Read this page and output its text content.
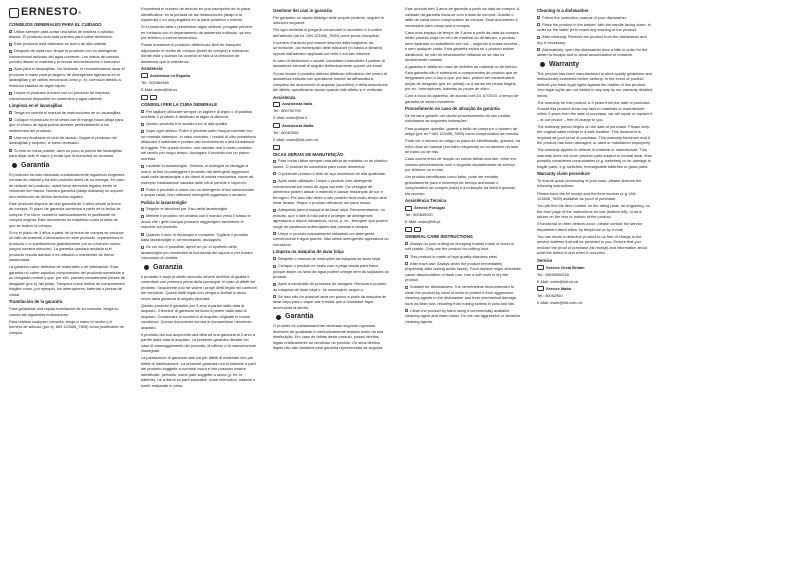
ERNESTO ®
CONSEJOS GENERALES PARA EL CUIDADO

Utilice siempre para cortar una tabla de madera o plástico blando. El producto solo está previsto para cortar alimentos.

Este producto está fabricado en acero de alta calidad.

Después de cada uso: limpie el producto con un detergente convencional delicado del agua corriente. Los restos de comida pueden atacar el material y provocar decoloraciones o corrosión.

Apto para el lavavajillas. No obstante, le recomendamos lavar el producto a mano para protegerlo de detergentes agresivos en el lavavajillas y de daños mecánicos como p. ej. corrosión debido a residuos salados de algún tapón.

Limpie el producto a mano con un producto de limpieza convencional disponible en comercios y agua caliente.

Limpieza en el lavavajillas

Tenga en cuenta el manual de instrucciones de su lavavajillas.

Coloque el producto en la cesta con el mango hacia abajo para que el chorro de agua pueda acceder perfectamente a los sedimentos del producto.

Una vez finalizado el ciclo de lavado: Saque el producto del lavavajillas y séquelo, si fuera necesario.

Si esto no fuera posible, abra un poco la puerta del lavavajillas para dejar salir el vapor y evitar que la humedad se acumule.

Garantía

El producto ha sido fabricado cuidadosamente siguiendo exigentes normas de calidad y ha sido probado antes de su entrega. En caso de defecto del producto, usted tiene derechos legales frente al vendedor del mismo. Nuestra garantía (abajo indicada) no supone una restricción de dichos derechos legales.

Este producto dispone de una garantía de 3 años desde la fecha de compra. El plazo de garantía comienza a partir de la fecha de compra. Por favor, conserve adecuadamente el justificante de compra original. Este documento es requerido como prueba de que se realizó la compra.

Si en el plazo de 3 años a partir de la fecha de compra se produce un fallo de material o fabricación en este producto, repararemos el producto o lo sustituiremos gratuitamente por un producto nuevo (según nuestra elección). La garantía quedará anulada si el producto resulta dañado o es utilizado o mantenido de forma inadecuada.

La garantía cubre defectos de materiales o de fabricación. Esta garantía no cubre aquellos componentes del producto sometidos a un desgaste normal y que, por ello, puedan considerarse piezas de desgaste (por ej. las pilas). Tampoco cubre daños de componentes frágiles como, por ejemplo, los interruptores, baterías o piezas de cristal.

Tramitación de la garantía

Para garantizar una rápida tramitación de su consulta, tenga en cuenta las siguientes indicaciones:

Para realizar cualquier consulta, tenga a mano el recibo y el número de artículo (por ej. IAN 123456_7890) como justificante de compra.

Encontrará el número de artículo en una inscripción de la placa identificativa, en la portada de las instrucciones (abajo a la izquierda) o en una pegatina en la parte posterior o inferior.

Si el producto falla o presentase algún defecto, póngase primero en contacto con el departamento de asistencia indicado, ya sea por teléfono o correo electrónico.

Puede enviarnos el producto defectuoso libre de franqueo adjuntando el recibo de compra (ticket de compra) e indicando dónde está y cuándo ha ocurrido el fallo a la dirección de asistencia que le indicamos.

Asistencia

Asistencia en España

Tel.: 900984948

E-Mail: owim@lidl.es

CONSIGLI PER LA CURA GENERALE

Per tagliare utilizzare sempre un tagliere di legno o di plastica morbida. Il prodotto è destinato al taglio di alimenti.

Questo prodotto è in acciaio inox di alta qualità.

Dopo ogni utilizzo: Pulire il prodotto sotto l'acqua corrente con un normale detersivo. In caso contrario, i residui di cibo potrebbero attaccare il materiale e portare allo scolorimento o alla formazione di ruggine. Per questo motivo, non lasciate mai il vostro prodotto nel lavello per lungo tempo. Asciugare il prodotto con un panno morbido.

Lavabile in lavastoviglie. Tuttavia, si consiglia un lavaggio a mano, al fine di proteggere il prodotto dai detergenti aggressivi usati nella lavastoviglie o da danni di natura meccanica, come ad esempio l'ossidazione causata dalle viti di pentole e coperchi.

Pulire il prodotto a mano con un detergente d'uso commerciale e acqua calda. Non utilizzare detergenti aggressivi o abrasivi.

Pulizia in lavastoviglie

Seguire le istruzioni per l'uso della lavastoviglie.

Mettere il prodotto nel cestello con il manico verso il basso in modo che i getti d'acqua possano raggiungere facilmente le macchie sul prodotto.

Quando il ciclo di risciacquo è completo: Togliere il prodotto dalla lavastoviglie e, se necessario, asciugarlo.

Se ciò non è possibile, aprire un po' lo sportello della lavastoviglie per consentire la fuoriuscita del vapore e per evitare l'accumulo di umidità.

Garanzia

Il prodotto è stato prodotto secondo severe direttive di qualità e controllato con premura prima della consegna. In caso di difetti del prodotto, l'acquirente può far valere i propri diritti legali nei confronti del venditore. Questi diritti legali non vengono limitati in alcun modo dalla garanzia di seguito riportata.

Questo prodotto è garantito per 3 anni a partire dalla data di acquisto. Il termine di garanzia ha inizio a partire dalla data di acquisto. Conservare lo scontrino di acquisto originale in buone condizioni. Questo documento servirà a documentare l'avvenuto acquisto.

Il prodotto dal suo acquirente alla ditta ed una garanzia di 3 anni a partire dalla data di acquisto. La presente garanzia decade nel caso di danneggiamento del prodotto, di utilizzo o di manutenzione inadeguati.

La prestazione di garanzia vale sia per difetti di materiale che per difetti di fabbricazione. La presente garanzia non si estende a parti del prodotto soggette a normale usura e che possono essere identificate, pertanto, come parti soggette a usura (p. es. le batterie), né a danni su parti staccabili, come interruttori, batterie o simili, realizzate in vetro.

Gestione dei casi in garanzia

Per garantire un rapido disbrigo delle proprie pratiche, seguire le istruzioni seguenti:

Per ogni richiesta si prega di conservare lo scontrino e il codice dell'articolo (ad es. IAN 123456_7890) come prova d'acquisto.

Il numero d'articolo può essere desunto dalla targhetta, da un'incisione, dal frontespizio delle istruzioni (in basso a sinistra) oppure dall'adesivo applicato sul retro o sul lato inferiore.

In caso di disfunzioni o avarie, contattare innanzitutto il partner di assistenza elencati di seguito telefonicamente oppure via email.

Si può inviare il prodotto ritenuto difettoso all'indirizzo del centro di assistenza indicato con spedizione esente da affrancatura, completo del documento di acquisto (scontrino) e della descrizione del difetto, specificando anche quando tale difetto si è verificato.

Assistenza

Assistenza Italia

Tel.: 800790799

E-Mail: owim@lidl.it

Assistenza Malta

Tel.: 80062960

E-Mail: owim@lidl.com.mt

DICAS GERAIS DE MANUTENÇÃO

Para cortar utilize sempre uma tábua de madeira ou de plástico suave. O produto foi concebido para cortar alimentos.

O presente produto é feito de aço inoxidável de alta qualidade.

Após cada utilização: Limpe o produto com detergente convencional por baixo de água corrente. Os vestígios de alimentos podem atacar o material e causar mudanças de cor e ferrugem. Por isso não deixe o seu produto ficar muito tempo sem estar lavado. Seque o produto utilizando um pano macio.

Adequado para a máquina de lavar loiça. Recomendamos, no entanto, que o lave à mão para o proteger de detergentes agressivos e danos mecânicos, como, p. ex., ferrugem que podem surgir de parafusos enferrujados das panelas e tampas.

Limpe o produto manualmente utilizando um detergente convencional e água quente. Não utilize detergentes agressivos ou corrosivos.

Limpeza na máquina de lavar loiça

Respeite o manual de instruções da máquina de lavar loiça.

Coloque o produto no cesto com a pega virada para baixo, porque assim os raios de água podem chegar bem às sujidades do produto.

Após a conclusão do processo de lavagem: Remova o produto da máquina de lavar loiça e, se necessário, seque-o.

Se isso não for possível abra um pouco a porta da máquina de lavar loiça para o vapor sair e evitar que a humidade fique acumulada lá dentro.

Garantia

O produto foi cuidadosamente fabricado segundo rigorosas diretrizes de qualidade e meticulosamente testado antes da sua distribuição. Em caso de falhas deste produto, possui direitos legais relativamente ao vendedor do produto. Os seus direitos legais não são limitados pela garantia representada de seguida.

Este produto tem 3 anos de garantia a partir da data de compra. A validade da garantia inicia-se com a data de compra. Guarde o talão de caixa como comprovativo da compra. Esse documento é necessário para comprovar a compra.

Caso num espaço de tempo de 3 anos a partir da data da compra deste produto surja um erro de material ou de fabrico, o produto será reparado ou substituído por nós – segundo a nossa escolha – e sem qualquer custo. Esta garantia expira se o produto estiver danificado, se não for devidamente utilizado ou se não for devidamente mantido.

A garantia é válida em caso de defeitos de material ou de fabrico. Esta garantia não é extensível a componentes do produto que se desgastam com o uso e que, por isso, podem ser considerados peças de desgaste (por ex. pilhas) ou a danos em peças frágeis, por ex.: interruptores, baterias ou peças de vidro.

Com a troca do aparelho, de acordo com DL 67/2003, o tempo de garantia se inicia novamente.

Procedimento no caso de ativação da garantia

De forma a garantir um rápido processamento do seu pedido, solicitamos as seguintes indicações:

Para qualquer questão, guarde o talão de compra e o número de artigo (por ex.º IAN 123456_7890) como comprovativo da mesma.

Pode ver o número do artigo na placa de identificação, gravura, na folha título do manual (em baixo esquerda) ou no adesivo na lado de baixo ou de trás.

Caso ocorra erros de função ou outras falhas ocorram, entre em contato primeiramente com o seguinte departamento de serviço por telefone ou e-mail.

Um produto identificado como falho, pode ser enviado gratuitamente para o endereço de serviço anexando o comprovativo de compra (nota) e a indicação da falha e quando ela ocorreu.

Assistência Técnica

Service Portugal

Tel.: 800849093

E-Mail: owim@lidl.pt

GENERAL CARE INSTRUCTIONS

Always do your cutting on chopping boards made of wood or soft plastic. Only use the product for cutting food.

This product is made of high-quality stainless steel.

After each use: Always clean the product immediately (especially after cutting acidic foods). Food residue might otherwise cause discolouration or flash rust. Use a soft cloth to dry the product.

Suitable for dishwashers. It is nevertheless recommended to clean the product by hand in order to protect it from aggressive cleaning agents in the dishwasher and from mechanical damage, such as flash rust, resulting from rusting screws in pots and lids.

Clean the product by hand using a commercially available cleaning agent and warm water. Do not use aggressive or abrasive cleaning agents.

Cleaning in a dishwasher

Follow the instruction manual of your dishwasher.

Place the product in the basket, with the handle facing down, in order for the water jet to reach any staining of the product.

After cleaning: Remove the product from the dishwasher and dry, if necessary.

Alternatively, open the dishwasher door a little in order for the steam to escape and to avoid accumulation of moisture.

Warranty

The product has been manufactured to strict quality guidelines and meticulously examined before delivery. In the event of product defects you have legal rights against the retailer of this product. Your legal rights are not limited in any way by our warranty detailed below.

The warranty for this product is 3 years from the date of purchase. Should this product show any fault in materials or manufacture within 3 years from the date of purchase, we will repair or replace it – at our choice – free of charge to you.

The warranty period begins on the date of purchase. Please keep the original sales receipt in a safe location. This document is required as your proof of purchase. This warranty becomes void if the product has been damaged, or used or maintained improperly.

The warranty applies to defects in material or manufacture. This warranty does not cover product parts subject to normal wear, thus possibly considered consumables (e.g. batteries) or for damage to fragile parts, e.g. switches, rechargeable batteries or glass parts.

Warranty claim procedure

To ensure quick processing of your case, please observe the following instructions:

Please have the till receipt and the item number (e.g. IAN 123456_7890) available as proof of purchase.

You will find the item number on the rating plate, an engraving, on the front page of the instructions for use (bottom left), or as a sticker on the rear or bottom of the product.

If functional or other defects occur, please contact the service department listed either by telephone or by e-mail.

You can return a defective product to us free of charge to the service address that will be provided to you. Ensure that you enclose the proof of purchase (till receipt) and information about what the defect is and when it occurred.

Service

Service Great Britain

Tel.: 08000569216

E-Mail: owim@lidl.co.uk

Service Malta

Tel.: 80062960

E-Mail: owim@lidl.com.mt
